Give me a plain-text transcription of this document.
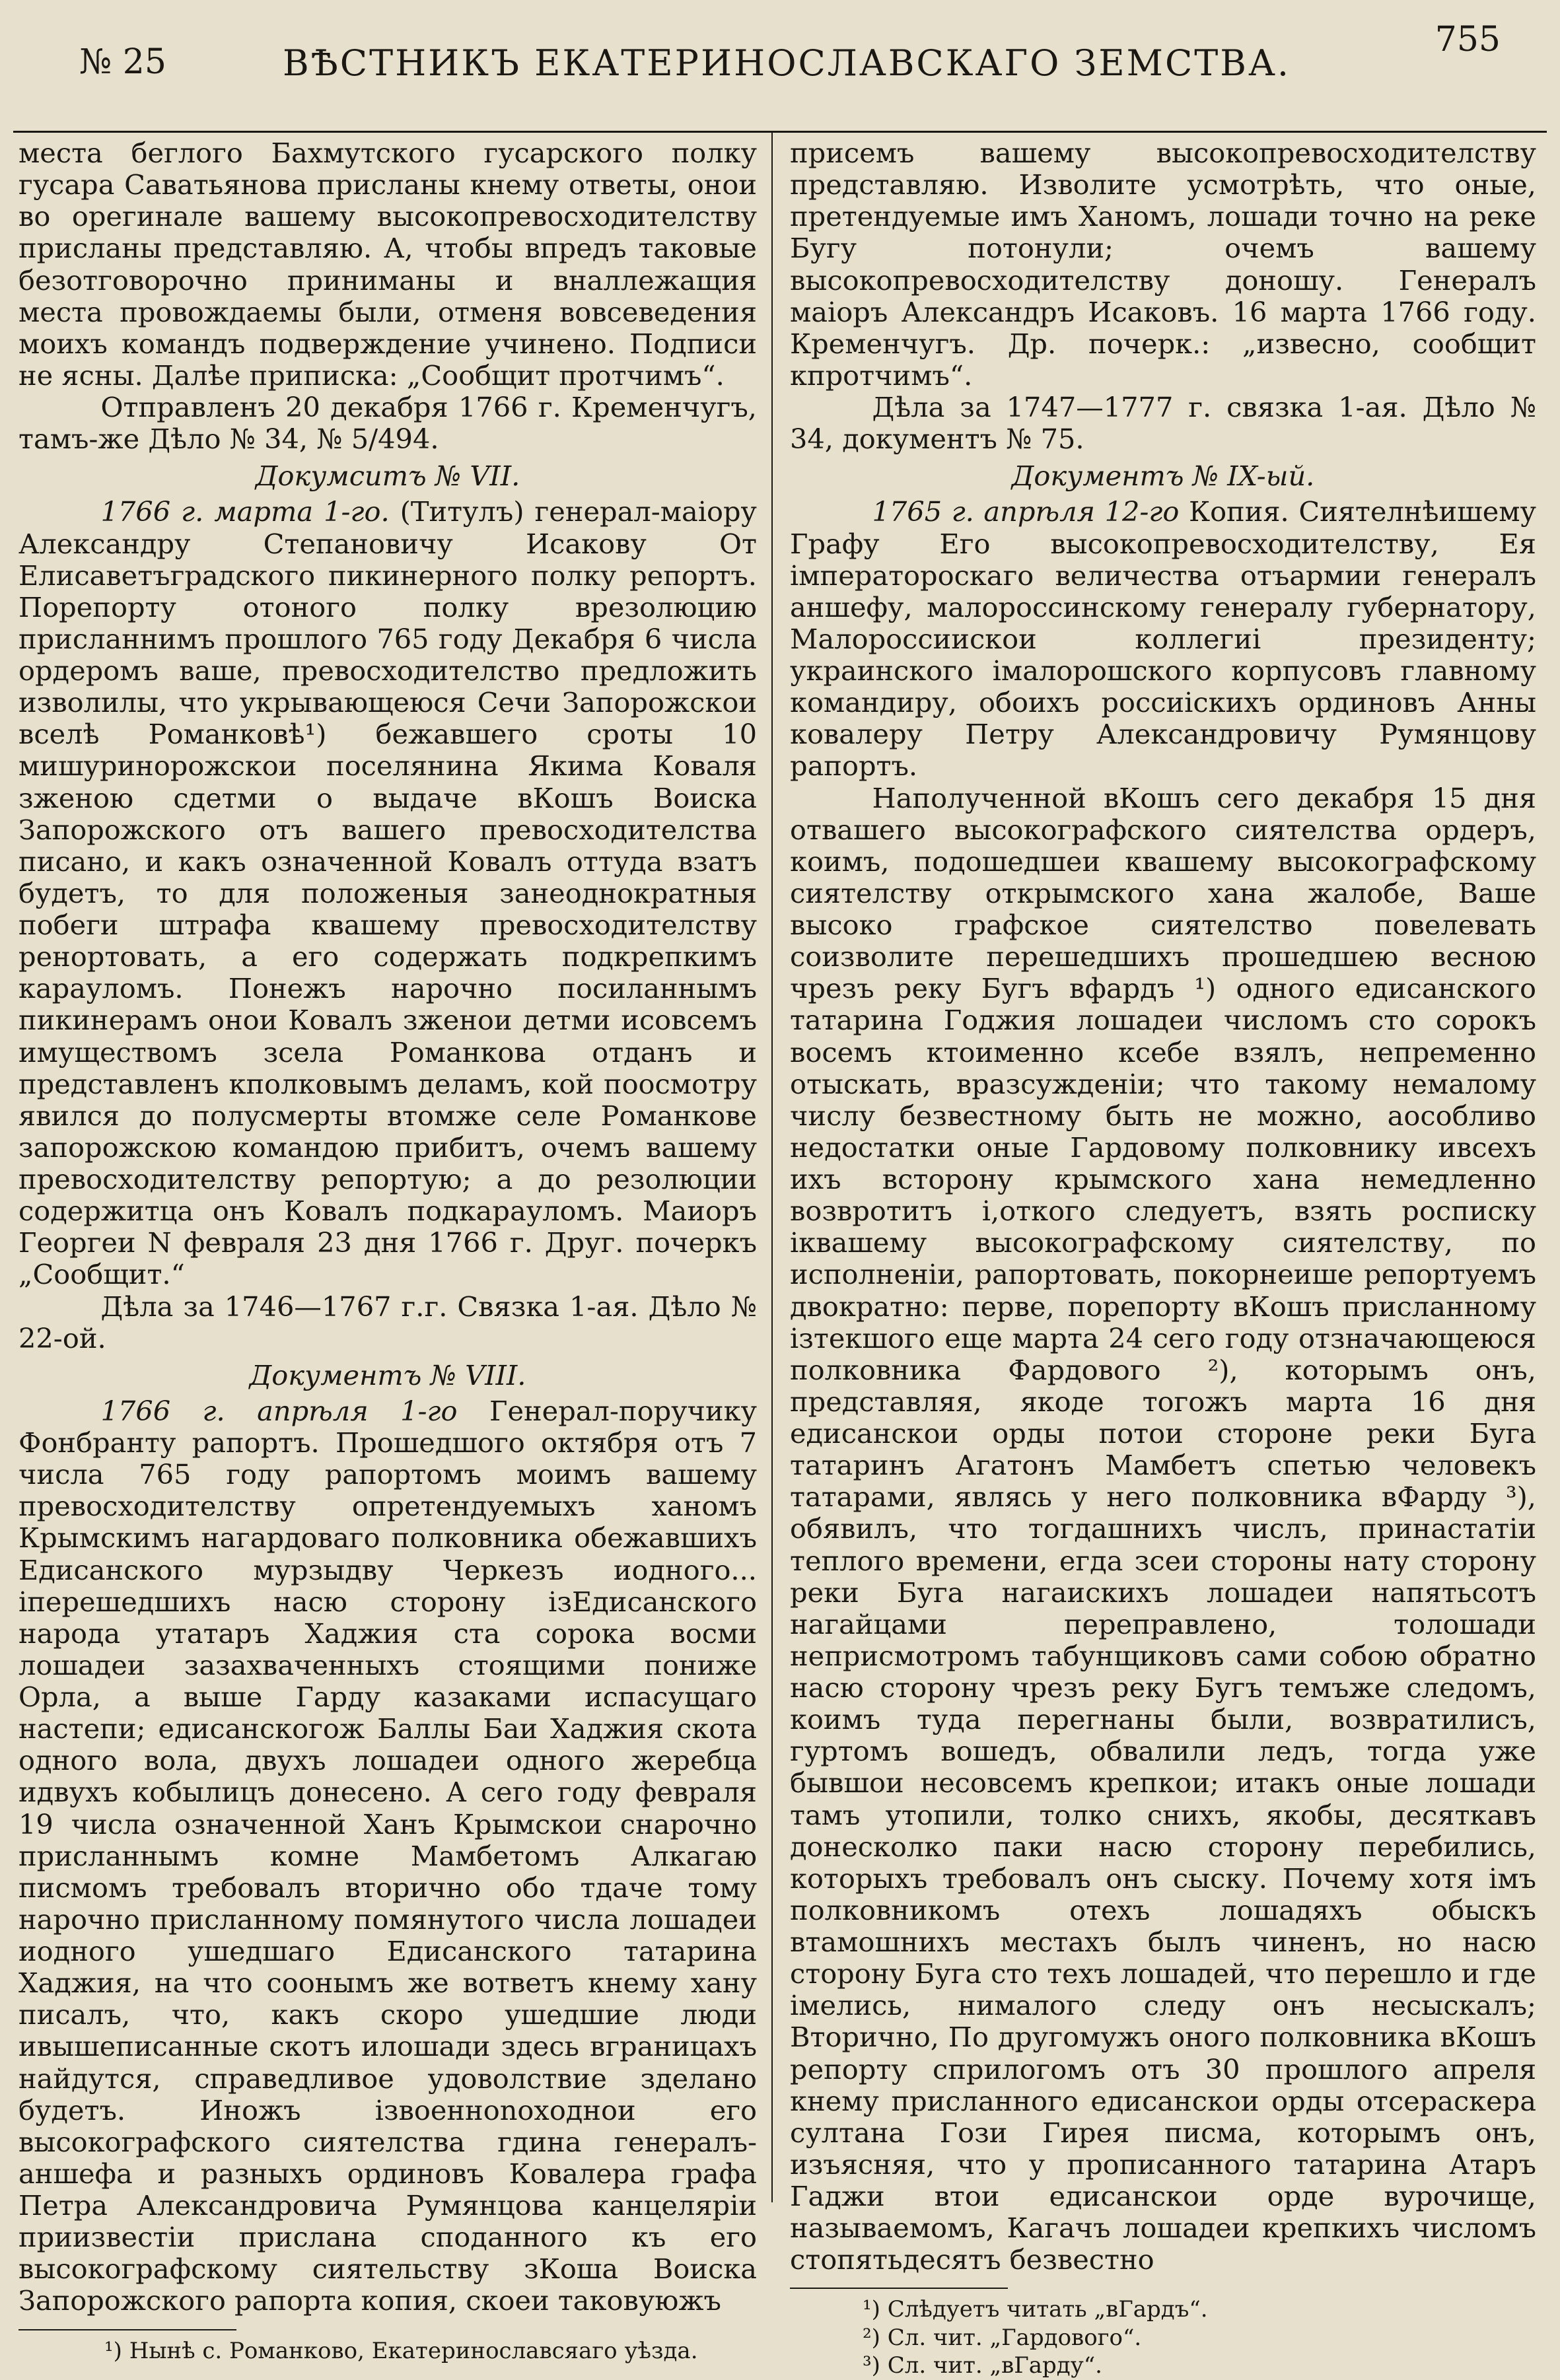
№ 25	ВѢСТНИКЪ ЕКАТЕРИНОСЛАВСКАГО ЗЕМСТВА.
755

места беглого Бахмутского гусарского полку гусара Саватьянова присланы кнему ответы, онои во орегинале вашему высокопревосходителству присланы представляю. А, чтобы впредъ таковые безотговорочно приниманы и вналлежащия места провождаемы были, отменя вовсеведения моихъ командъ подверждение учинено. Подписи не ясны. Далѣе приписка: „Сообщит протчимъ“.

Отправленъ 20 декабря 1766 г. Кременчугъ, тамъ-же Дѣло № 34, № 5/494.

Докумситъ № VII.

1766 г. марта 1-го. (Титулъ) генерал-маіору Александру Степановичу Исакову От Елисаветъградского пикинерного полку репортъ. Порепорту отоного полку врезолюцию присланнимъ прошлого 765 году Декабря 6 числа ордеромъ ваше, превосходителство предложить изволилы, что укрывающеюся Сечи Запорожскои вселѣ Романковѣ¹) бежавшего сроты 10 мишуринорожскои поселянина Якима Коваля зженою сдетми о выдаче вКошъ Воиска Запорожского отъ вашего превосходителства писано, и какъ означенной Ковалъ оттуда взатъ будетъ, то для положеныя занеоднократныя побеги штрафа квашему превосходителству ренортовать, а его содержать подкрепкимъ карауломъ. Понежъ нарочно посиланнымъ пикинерамъ онои Ковалъ зженои детми исовсемъ имуществомъ зсела Романкова отданъ и представленъ кполковымъ деламъ, кой поосмотру явился до полусмерты втомже селе Романкове запорожскою командою прибитъ, очемъ вашему превосходителству репортую; а до резолюции содержитца онъ Ковалъ подкарауломъ. Маиоръ Георгеи N февраля 23 дня 1766 г. Друг. почеркъ „Сообщит.“

Дѣла за 1746—1767 г.г. Связка 1-ая. Дѣло № 22-ой.

Документъ № VIII.

1766 г. апрѣля 1-го Генерал-поручику Фонбранту рапортъ. Прошедшого октября отъ 7 числа 765 году рапортомъ моимъ вашему превосходителству опретендуемыхъ ханомъ Крымскимъ нагардоваго полковника обежавшихъ Едисанского мурзыдву Черкезъ иодного... іперешедшихъ насю сторону ізЕдисанского народа утатаръ Хаджия ста сорока восми лошадеи зазахваченныхъ стоящими пониже Орла, а выше Гарду казаками испасущаго настепи; едисанскогож Баллы Баи Хаджия скота одного вола, двухъ лошадеи одного жеребца идвухъ кобылицъ донесено. А сего году февраля 19 числа означенной Ханъ Крымскои снарочно присланнымъ комне Мамбетомъ Алкагаю писмомъ требовалъ вторично обо тдаче тому нарочно присланному помянутого числа лошадеи иодного ушедшаго Едисанского татарина Хаджия, на что соонымъ же вответъ кнему хану писалъ, что, какъ скоро ушедшие люди ивышеписанные скотъ илошади здесь вграницахъ найдутся, справедливое удоволствие зделано будетъ. Иножъ ізвоенноnоходнои его высокографского сиятелства гдина генералъ-аншефа и разныхъ ординовъ Ковалера графа Петра Александровича Румянцова канцелярiи приизвестiи прислана споданного къ его высокографскому сиятельству зКоша Воиска Запорожского рапорта копия, скоеи таковуюжъ

¹) Нынѣ с. Романково, Екатеринославсяаго уѣзда.

присемъ вашему высокопревосходителству представляю. Изволите усмотрѣть, что оные, претендуемые имъ Ханомъ, лошади точно на реке Бугу потонули; очемъ вашему высокопревосходителству доношу. Генералъ маіоръ Александръ Исаковъ. 16 марта 1766 году. Кременчугъ. Др. почерк.: „извесно, сообщит кпротчимъ“.

Дѣла за 1747—1777 г. связка 1-ая. Дѣло № 34, документъ № 75.

Документъ № IX-ый.

1765 г. апрѣля 12-го Копия. Сиятелнѣишему Графу Его высокопревосходителству, Ея імператороскаго величества отъармии генералъ аншефу, малороссинскому генералу губернатору, Малороссиискои коллегиі президенту; украинского імалорошского корпусовъ главному командиру, обоихъ россиіскихъ ординовъ Анны ковалеру Петру Александровичу Румянцову рапортъ.

Наполученной вКошъ сего декабря 15 дня отвашего высокографского сиятелства ордеръ, коимъ, подошедшеи квашему высокографскому сиятелству открымского хана жалобе, Ваше высоко графское сиятелство повелевать соизволите перешедшихъ прошедшею весною чрезъ реку Бугъ вфардъ ¹) одного едисанского татарина Годжия лошадеи числомъ сто сорокъ восемъ ктоименно ксебе взялъ, непременно отыскать, вразсужденіи; что такому немалому числу безвестному быть не можно, аособливо недостатки оные Гардовому полковнику ивсехъ ихъ всторону крымского хана немедленно возвротитъ і,откого следуетъ, взять росписку іквашему высокографскому сиятелству, по исполненіи, рапортовать, покорнеише репортуемъ двократно: перве, порепорту вКошъ присланному ізтекшого еще марта 24 сего году отзначающеюся полковника Фардового ²), которымъ онъ, представляя, якоде тогожъ марта 16 дня едисанскои орды потои стороне реки Буга татаринъ Агатонъ Мамбетъ спетью человекъ татарами, являсь у него полковника вФарду ³), обявилъ, что тогдашнихъ числъ, принастатіи теплого времени, егда зсеи стороны нату сторону реки Буга нагаискихъ лошадеи напятьсотъ нагайцами переправлено, толошади неприсмотромъ табунщиковъ сами собою обратно насю сторону чрезъ реку Бугъ темъже следомъ, коимъ туда перегнаны были, возвратилисъ, гуртомъ вошедъ, обвалили ледъ, тогда уже бывшои несовсемъ крепкои; итакъ оные лошади тамъ утопили, толко снихъ, якобы, десяткавъ донесколко паки насю сторону перебились, которыхъ требовалъ онъ сыску. Почему хотя імъ полковникомъ отехъ лошадяхъ обыскъ втамошнихъ местахъ былъ чиненъ, но насю сторону Буга сто техъ лошадей, что перешло и где імелись, нималого следу онъ несыскалъ; Вторично, По другомужъ оного полковника вКошъ репорту сприлогомъ отъ 30 прошлого апреля кнему присланного едисанскои орды отсераскера султана Гози Гирея писма, которымъ онъ, изъясняя, что у прописанного татарина Атаръ Гаджи втои едисанскои орде вурочище, называемомъ, Кагачъ лошадеи крепкихъ числомъ стопятьдесятъ безвестно

¹) Слѣдуетъ читать „вГардъ“.
²) Сл. чит. „Гардового“.
³) Сл. чит. „вГарду“.
